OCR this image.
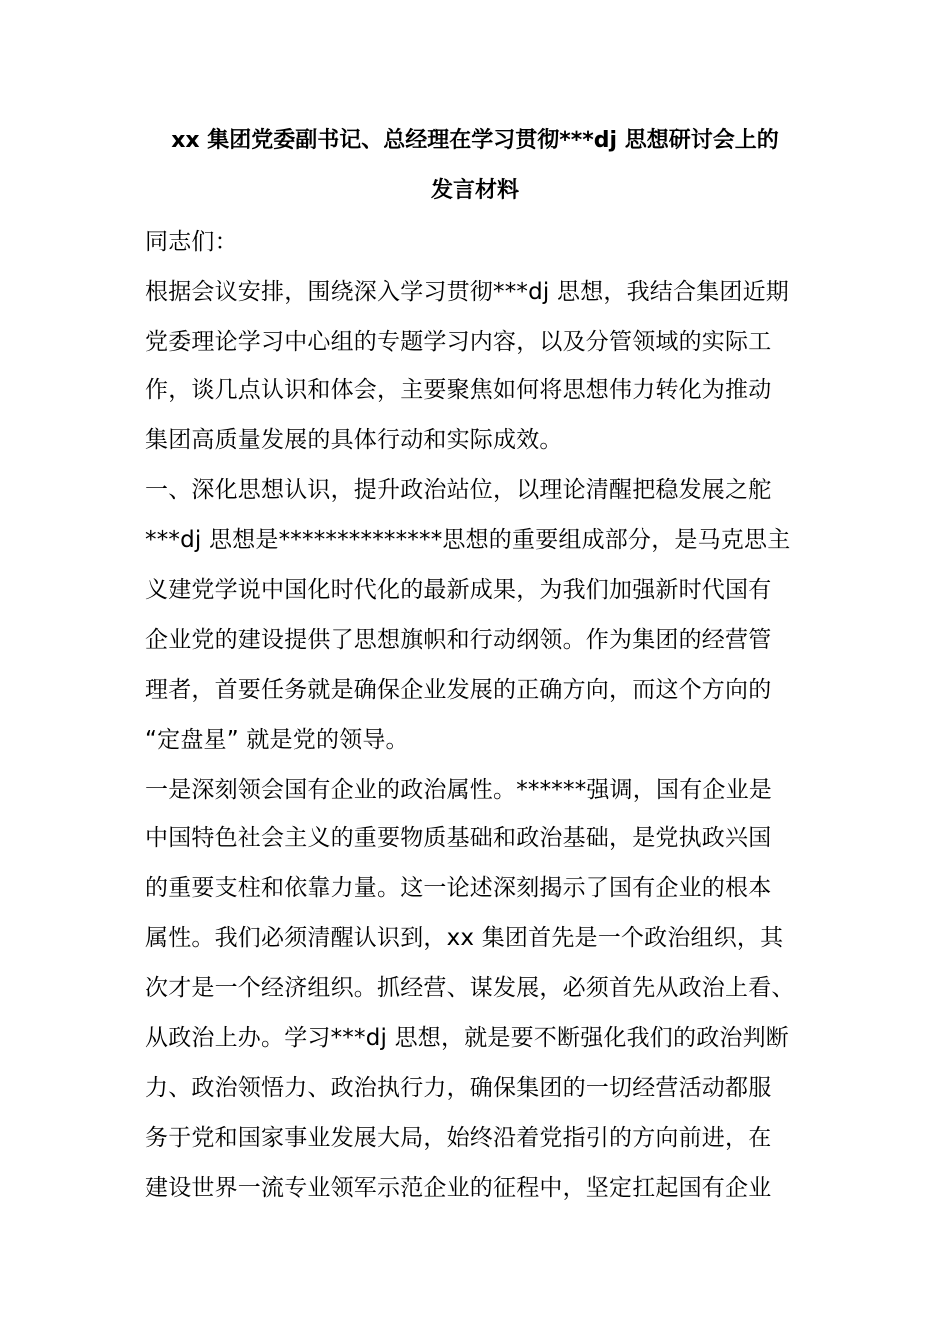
xx 集团党委副书记、总经理在学习贯彻***dj 思想研讨会上的
发言材料
同志们：
根据会议安排，围绕深入学习贯彻***dj 思想，我结合集团近期
党委理论学习中心组的专题学习内容，以及分管领域的实际工
作，谈几点认识和体会，主要聚焦如何将思想伟力转化为推动
集团高质量发展的具体行动和实际成效。
一、深化思想认识，提升政治站位，以理论清醒把稳发展之舵
***dj 思想是**************思想的重要组成部分，是马克思主
义建党学说中国化时代化的最新成果，为我们加强新时代国有
企业党的建设提供了思想旗帜和行动纲领。作为集团的经营管
理者，首要任务就是确保企业发展的正确方向，而这个方向的
“定盘星” 就是党的领导。
一是深刻领会国有企业的政治属性。******强调，国有企业是
中国特色社会主义的重要物质基础和政治基础，是党执政兴国
的重要支柱和依靠力量。这一论述深刻揭示了国有企业的根本
属性。我们必须清醒认识到，xx 集团首先是一个政治组织，其
次才是一个经济组织。抓经营、谋发展，必须首先从政治上看、
从政治上办。学习***dj 思想，就是要不断强化我们的政治判断
力、政治领悟力、政治执行力，确保集团的一切经营活动都服
务于党和国家事业发展大局，始终沿着党指引的方向前进，在
建设世界一流专业领军示范企业的征程中，坚定扛起国有企业
